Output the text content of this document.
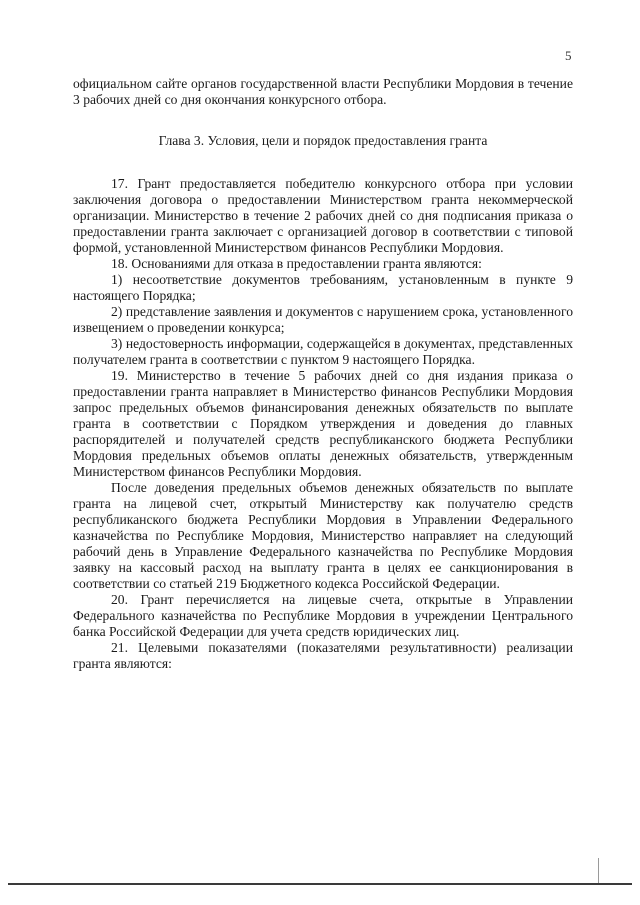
5

официальном сайте органов государственной власти Республики Мордовия в течение 3 рабочих дней со дня окончания конкурсного отбора.

Глава 3. Условия, цели и порядок предоставления гранта

17. Грант предоставляется победителю конкурсного отбора при условии заключения договора о предоставлении Министерством гранта некоммерческой организации. Министерство в течение 2 рабочих дней со дня подписания приказа о предоставлении гранта заключает с организацией договор в соответствии с типовой формой, установленной Министерством финансов Республики Мордовия.

18. Основаниями для отказа в предоставлении гранта являются:

1) несоответствие документов требованиям, установленным в пункте 9 настоящего Порядка;

2) представление заявления и документов с нарушением срока, установленного извещением о проведении конкурса;

3) недостоверность информации, содержащейся в документах, представленных получателем гранта в соответствии с пунктом 9 настоящего Порядка.

19. Министерство в течение 5 рабочих дней со дня издания приказа о предоставлении гранта направляет в Министерство финансов Республики Мордовия запрос предельных объемов финансирования денежных обязательств по выплате гранта в соответствии с Порядком утверждения и доведения до главных распорядителей и получателей средств республиканского бюджета Республики Мордовия предельных объемов оплаты денежных обязательств, утвержденным Министерством финансов Республики Мордовия.

После доведения предельных объемов денежных обязательств по выплате гранта на лицевой счет, открытый Министерству как получателю средств республиканского бюджета Республики Мордовия в Управлении Федерального казначейства по Республике Мордовия, Министерство направляет на следующий рабочий день в Управление Федерального казначейства по Республике Мордовия заявку на кассовый расход на выплату гранта в целях ее санкционирования в соответствии со статьей 219 Бюджетного кодекса Российской Федерации.

20. Грант перечисляется на лицевые счета, открытые в Управлении Федерального казначейства по Республике Мордовия в учреждении Центрального банка Российской Федерации для учета средств юридических лиц.

21. Целевыми показателями (показателями результативности) реализации гранта являются:
